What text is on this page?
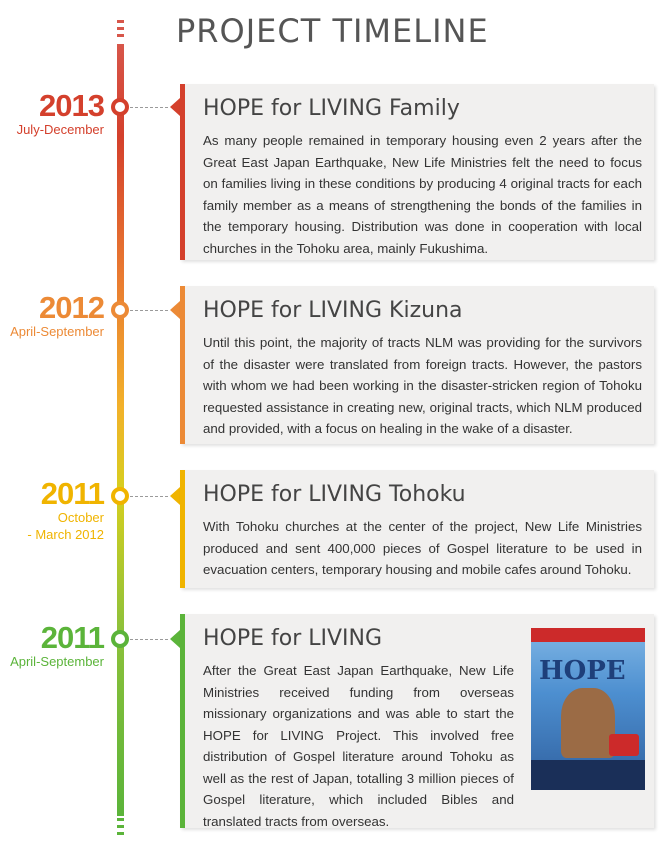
PROJECT TIMELINE
2013
July-December
HOPE for LIVING Family

As many people remained in temporary housing even 2 years after the Great East Japan Earthquake, New Life Ministries felt the need to focus on families living in these conditions by producing 4 original tracts for each family member as a means of strengthening the bonds of the families in the temporary housing. Distribution was done in cooperation with local churches in the Tohoku area, mainly Fukushima.

2012
April-September
HOPE for LIVING Kizuna

Until this point, the majority of tracts NLM was providing for the survivors of the disaster were translated from foreign tracts. However, the pastors with whom we had been working in the disaster-stricken region of Tohoku requested assistance in creating new, original tracts, which NLM produced and provided, with a focus on healing in the wake of a disaster.

2011
October
- March 2012
HOPE for LIVING Tohoku

With Tohoku churches at the center of the project, New Life Ministries produced and sent 400,000 pieces of Gospel literature to be used in evacuation centers, temporary housing and mobile cafes around Tohoku.

2011
April-September
HOPE for LIVING

After the Great East Japan Earthquake, New Life Ministries received funding from overseas missionary organizations and was able to start the HOPE for LIVING Project. This involved free distribution of Gospel literature around Tohoku as well as the rest of Japan, totalling 3 million pieces of Gospel literature, which included Bibles and translated tracts from overseas.

HOPE
